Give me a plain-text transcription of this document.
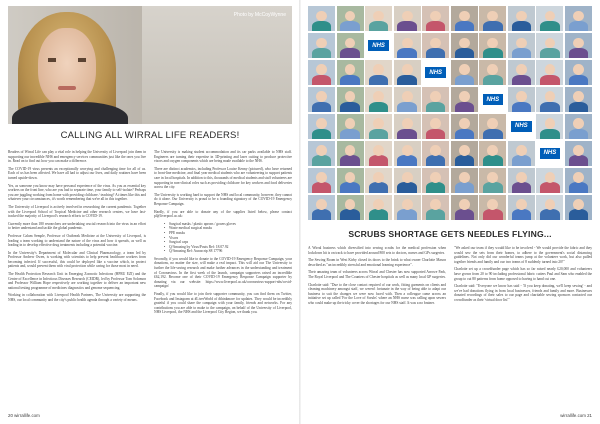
Photo by McCoyWynne
CALLING ALL WIRRAL LIFE READERS!

Readers of Wirral Life can play a vital role in helping the University of Liverpool join them in supporting our incredible NHS and emergency services communities just like the ones you live in. Read on to find out how you can make a difference.

The COVID-19 virus presents an exceptionally worrying and challenging time for all of us. Each of us has been affected. We have all had to adjust our lives, and daily routines have been turned upside-down.

Yes, as someone you know may have personal experience of the virus. As you as essential key workers on the front line, who are you had to separate time, your family to self-isolate? Perhaps you are juggling working from home with providing childcare / teaching? At times like this and whatever your circumstances, it's worth remembering that we're all in this together.

The University of Liverpool is actively involved in researching the current pandemic. Together with the Liverpool School of Tropical Medicine and other research centres, we have fast-tracked the majority of Liverpool's research efforts to COVID-19.

Currently more than 180 researchers are undertaking crucial research into the virus in an effort to better understand and tackle the global pandemic.

Professor Calum Semple, Professor of Outbreak Medicine at the University of Liverpool, is leading a team working to understand the nature of the virus and how it spreads, as well as leading in to develop effective drug treatments including a potential vaccine.

In the University's Department of Molecular and Clinical Pharmacology, a team led by Professor Andrew Owen, is working with scientists to help prevent healthcare workers from becoming infected. If successful, this could be deployed like a vaccine which, in protect patients and, would prevent them with viral protection while caring for those most in need.

The Health Protection Research Unit in Emerging Zoonotic Infections (HPRU EZI) and the Centre of Excellence in Infectious Diseases Research (CEIDR), led by Professor Tom Solomon and Professor William Hope respectively are working together to deliver an important new national testing programme of medicines diagnostics and genome sequencing.

Working in collaboration with Liverpool Health Partners, The University are supporting the NHS, our local community and the city's public health agenda through a variety of means.

The University is making student accommodation and its car parks available to NHS staff. Engineers are turning their expertise in 3D-printing and laser cutting to produce protective visors and oxygen components which are being made available to the NHS.

There are distinct academics, including Professor Louise Kenny (pictured), who have returned to front-line medicine, and final year medical students who are volunteering to support patients care in local hospitals. In addition to this, thousands of medical students and staff volunteers are supporting in non-clinical roles such as providing childcare for key workers and food deliveries across the city.

The University is working hard to support the NHS and local community, however, they cannot do it alone. Our University is proud to be a founding signatory of the COVID-19 Emergency Response Campaign.

Hardly, if you are able to donate any of the supplies listed below, please contact pl@liverpool.ac.uk:

• Surgical masks / plastic aprons / gowns gloves
• Waste medical surgical masks
• PPE masks
• Visors
• Surgical caps
• Q/Amazing by Virus/Pouts Ref: 18.07.92
• Q/Amazing Ref: Aurascrip S8 17796

Secondly, if you would like to donate to the COVID-19 Emergency Response Campaign, your donations, no matter the size, will make a real impact. This will aid our The University to further the life-saving research and make further advances in the understanding and treatment of Coronavirus. In the first week of the launch, campaign supporters raised an incredible £62,192. Become one of their COVID-19 Emergency Response Campaign supporter by donating via our website: https://www.liverpool.ac.uk/coronavirus-support-nhs/covid-campaign/

Finally, if you would like to join their supporter community, you can find them on Twitter, Facebook and Instagram at #LiverWorld of #thinkmore for updates. They would be incredibly grateful if you could share the campaign with your family, friends and networks. For any contributions you are able to make to the campaign, on behalf of the University of Liverpool, NHS Liverpool, the NHS and the Liverpool City Region, we thank you.

20 wirrallife.com
NHS
NHS
NHS
NHS
NHS
SCRUBS SHORTAGE GETS NEEDLES FLYING...

A Wirral business which diversified into sewing scrubs for the medical profession when lockdown hit is on track to have provided around 800 sets to doctors, nurses and GPs surgeries.

The Sewing Room in West Kirby closed its doors to the brink to what owner Charlotte Mason described as "an incredibly stressful and emotional learning experience".

Their amazing team of volunteers across Wirral and Chester has now supported Arrowe Park, The Royal Liverpool and The Countess of Chester hospitals as well as many local GP surgeries.

Charlotte said: "Due to the close contact required of our work, fitting garments on clients and cleaning machinery amongst staff, we weren't fortunate in the way of being able to adapt our business to suit the changes we were now faced with. Then a colleague came across an initiative set up called 'For the Love of Scrubs' where an NHS nurse was calling upon sewers who could make up the tricky cover the shortages for our NHS staff. It was a no brainer.

"We asked our team if they would like to be involved - We would provide the fabric and they would sew the sets from their homes, to adhere to the government's social distancing guidelines. Not only did our wonderful teams jump at the volunteer work, but also pulled together friends and family and our two teams of 8 suddenly turned into 20!"

Charlotte set up a crowdfunder page which has so far raised nearly £20,000 and volunteers have grown from 20 to 90 including professional fabric cutters Paul and Sam who enabled the group to cut 80 patterns from home opposed to having to hand cut one.

Charlotte said: "Everyone we know has said - 'If you keep donating, we'll keep sewing' - and we've had donations flying in from local businesses, friends and family and more. Businesses donated recordings of their sales to our page and charitable sewing sponsors contacted our crowdfunder as their 'virtual door list'"

wirrallife.com 21
